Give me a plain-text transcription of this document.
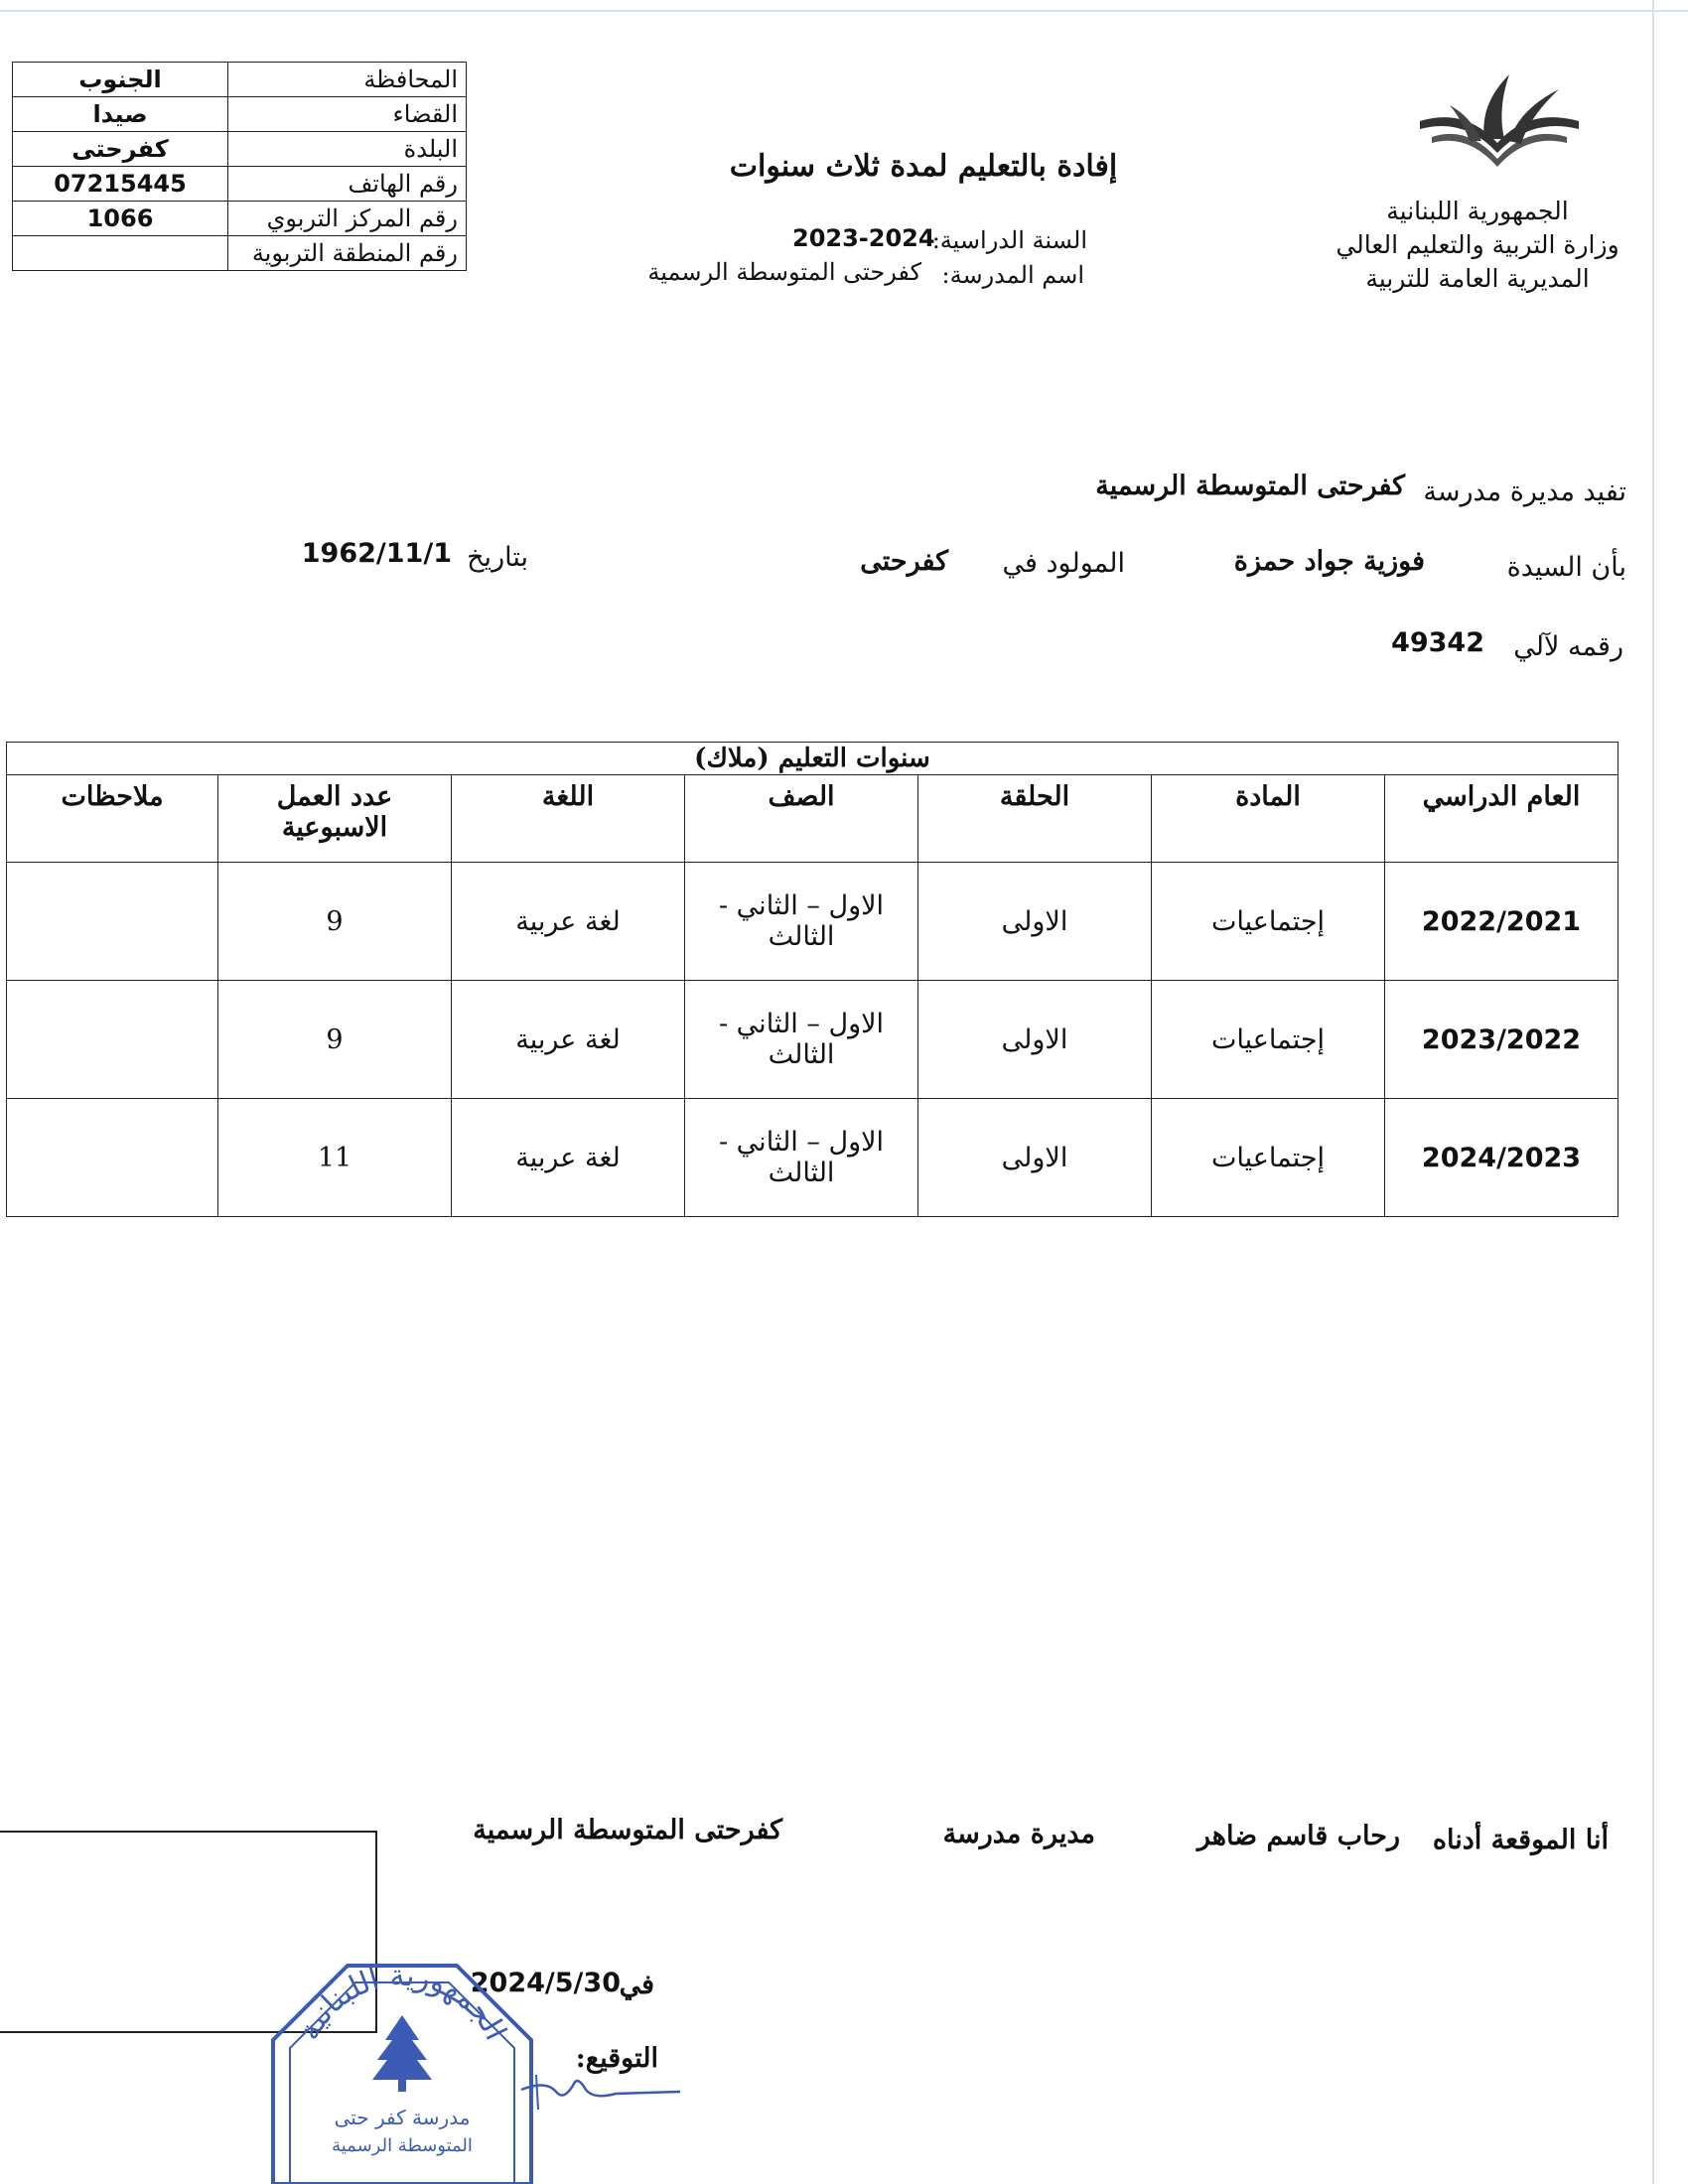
الجنوب	المحافظة
صيدا	القضاء
كفرحتى	البلدة
07215445	رقم الهاتف
1066	رقم المركز التربوي
	رقم المنطقة التربوية
الجمهورية اللبنانية
وزارة التربية والتعليم العالي
المديرية العامة للتربية
إفادة بالتعليم لمدة ثلاث سنوات
السنة الدراسية:
2023-2024
اسم المدرسة:
كفرحتى المتوسطة الرسمية
تفيد مديرة مدرسة
كفرحتى المتوسطة الرسمية
بأن السيدة
فوزية جواد حمزة
المولود في
كفرحتى
بتاريخ
1962/11/1
رقمه لآلي
49342
سنوات التعليم (ملاك)						
العام الدراسي	المادة	الحلقة	الصف	اللغة	عدد العمل الاسبوعية	ملاحظات
2022/2021	إجتماعيات	الاولى	الاول – الثاني - الثالث	لغة عربية	9	
2023/2022	إجتماعيات	الاولى	الاول – الثاني - الثالث	لغة عربية	9	
2024/2023	إجتماعيات	الاولى	الاول – الثاني - الثالث	لغة عربية	11	
أنا الموقعة أدناه
رحاب قاسم ضاهر
مديرة مدرسة
كفرحتى المتوسطة الرسمية
في
2024/5/30
التوقيع:
الجمهورية اللبنانية
مدرسة كفر حتى
المتوسطة الرسمية
